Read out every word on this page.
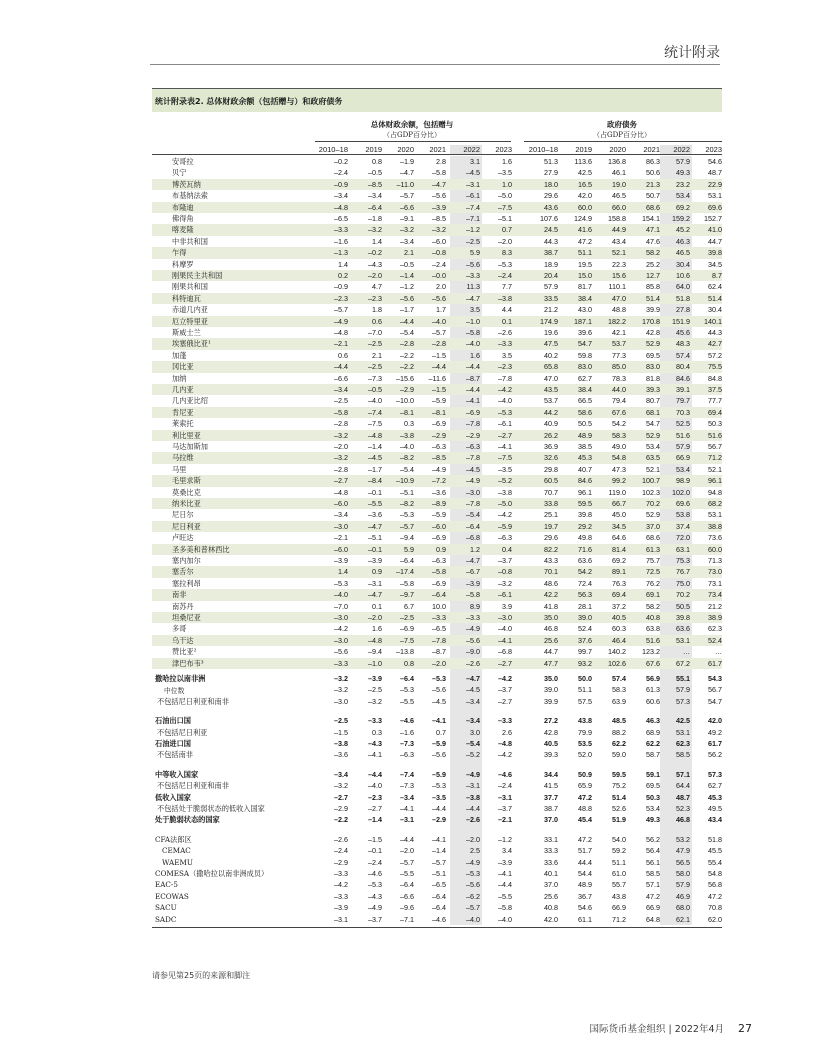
统计附录
统计附录表2. 总体财政余额（包括赠与）和政府债务
总体财政余额，包括赠与
（占GDP百分比）
政府债务
（占GDP百分比）
2010–18	2019	2020	2021	2022	2023	2010–18	2019	2020	2021	2022	2023
安哥拉	–0.2	0.8	–1.9	2.8	3.1	1.6	51.3	113.6	136.8	86.3	57.9	54.6
贝宁	–2.4	–0.5	–4.7	–5.8	–4.5	–3.5	27.9	42.5	46.1	50.6	49.3	48.7
博茨瓦纳	–0.9	–8.5	–11.0	–4.7	–3.1	1.0	18.0	16.5	19.0	21.3	23.2	22.9
布基纳法索	–3.4	–3.4	–5.7	–5.6	–6.1	–5.0	29.6	42.0	46.5	50.7	53.4	53.1
布隆迪	–4.8	–6.4	–6.6	–3.9	–7.4	–7.5	43.6	60.0	66.0	68.6	69.2	69.6
佛得角	–6.5	–1.8	–9.1	–8.5	–7.1	–5.1	107.6	124.9	158.8	154.1	159.2	152.7
喀麦隆	–3.3	–3.2	–3.2	–3.2	–1.2	0.7	24.5	41.6	44.9	47.1	45.2	41.0
中非共和国	–1.6	1.4	–3.4	–6.0	–2.5	–2.0	44.3	47.2	43.4	47.6	46.3	44.7
乍得	–1.3	–0.2	2.1	–0.8	5.9	8.3	38.7	51.1	52.1	58.2	46.5	39.8
科摩罗	1.4	–4.3	–0.5	–2.4	–5.6	–5.3	18.9	19.5	22.3	25.2	30.4	34.5
刚果民主共和国	0.2	–2.0	–1.4	–0.0	–3.3	–2.4	20.4	15.0	15.6	12.7	10.6	8.7
刚果共和国	–0.9	4.7	–1.2	2.0	11.3	7.7	57.9	81.7	110.1	85.8	64.0	62.4
科特迪瓦	–2.3	–2.3	–5.6	–5.6	–4.7	–3.8	33.5	38.4	47.0	51.4	51.8	51.4
赤道几内亚	–5.7	1.8	–1.7	1.7	3.5	4.4	21.2	43.0	48.8	39.9	27.8	30.4
厄立特里亚	–4.9	0.6	–4.4	–4.0	–1.0	0.1	174.9	187.1	182.2	170.8	151.9	140.1
斯威士兰	–4.8	–7.0	–5.4	–5.7	–5.8	–2.6	19.6	39.6	42.1	42.8	45.6	44.3
埃塞俄比亚¹	–2.1	–2.5	–2.8	–2.8	–4.0	–3.3	47.5	54.7	53.7	52.9	48.3	42.7
加蓬	0.6	2.1	–2.2	–1.5	1.6	3.5	40.2	59.8	77.3	69.5	57.4	57.2
冈比亚	–4.4	–2.5	–2.2	–4.4	–4.4	–2.3	65.8	83.0	85.0	83.0	80.4	75.5
加纳	–6.6	–7.3	–15.6	–11.6	–8.7	–7.8	47.0	62.7	78.3	81.8	84.6	84.8
几内亚	–3.4	–0.5	–2.9	–1.5	–4.4	–4.2	43.5	38.4	44.0	39.3	39.1	37.5
几内亚比绍	–2.5	–4.0	–10.0	–5.9	–4.1	–4.0	53.7	66.5	79.4	80.7	79.7	77.7
肯尼亚	–5.8	–7.4	–8.1	–8.1	–6.9	–5.3	44.2	58.6	67.6	68.1	70.3	69.4
莱索托	–2.8	–7.5	0.3	–6.9	–7.8	–6.1	40.9	50.5	54.2	54.7	52.5	50.3
利比里亚	–3.2	–4.8	–3.8	–2.9	–2.9	–2.7	26.2	48.9	58.3	52.9	51.6	51.6
马达加斯加	–2.0	–1.4	–4.0	–6.3	–6.3	–4.1	36.9	38.5	49.0	53.4	57.9	56.7
马拉维	–3.2	–4.5	–8.2	–8.5	–7.8	–7.5	32.6	45.3	54.8	63.5	66.9	71.2
马里	–2.8	–1.7	–5.4	–4.9	–4.5	–3.5	29.8	40.7	47.3	52.1	53.4	52.1
毛里求斯	–2.7	–8.4	–10.9	–7.2	–4.9	–5.2	60.5	84.6	99.2	100.7	98.9	96.1
莫桑比克	–4.8	–0.1	–5.1	–3.6	–3.0	–3.8	70.7	96.1	119.0	102.3	102.0	94.8
纳米比亚	–6.0	–5.5	–8.2	–8.9	–7.8	–5.0	33.8	59.5	66.7	70.2	69.6	68.2
尼日尔	–3.4	–3.6	–5.3	–5.9	–5.4	–4.2	25.1	39.8	45.0	52.9	53.8	53.1
尼日利亚	–3.0	–4.7	–5.7	–6.0	–6.4	–5.9	19.7	29.2	34.5	37.0	37.4	38.8
卢旺达	–2.1	–5.1	–9.4	–6.9	–6.8	–6.3	29.6	49.8	64.6	68.6	72.0	73.6
圣多美和普林西比	–6.0	–0.1	5.9	0.9	1.2	0.4	82.2	71.6	81.4	61.3	63.1	60.0
塞内加尔	–3.9	–3.9	–6.4	–6.3	–4.7	–3.7	43.3	63.6	69.2	75.7	75.3	71.3
塞舌尔	1.4	0.9	–17.4	–5.8	–6.7	–0.8	70.1	54.2	89.1	72.5	76.7	73.0
塞拉利昂	–5.3	–3.1	–5.8	–6.9	–3.9	–3.2	48.6	72.4	76.3	76.2	75.0	73.1
南非	–4.0	–4.7	–9.7	–6.4	–5.8	–6.1	42.2	56.3	69.4	69.1	70.2	73.4
南苏丹	–7.0	0.1	6.7	10.0	8.9	3.9	41.8	28.1	37.2	58.2	50.5	21.2
坦桑尼亚	–3.0	–2.0	–2.5	–3.3	–3.3	–3.0	35.0	39.0	40.5	40.8	39.8	38.9
多哥	–4.2	1.6	–6.9	–6.5	–4.9	–4.0	46.8	52.4	60.3	63.8	63.6	62.3
乌干达	–3.0	–4.8	–7.5	–7.8	–5.6	–4.1	25.6	37.6	46.4	51.6	53.1	52.4
赞比亚²	–5.6	–9.4	–13.8	–8.7	–9.0	–6.8	44.7	99.7	140.2	123.2	…	…
津巴布韦³	–3.3	–1.0	0.8	–2.0	–2.6	–2.7	47.7	93.2	102.6	67.6	67.2	61.7
撒哈拉以南非洲	–3.2	–3.9	–6.4	–5.3	–4.7	–4.2	35.0	50.0	57.4	56.9	55.1	54.3
中位数	–3.2	–2.5	–5.3	–5.6	–4.5	–3.7	39.0	51.1	58.3	61.3	57.9	56.7
不包括尼日利亚和南非	–3.0	–3.2	–5.5	–4.5	–3.4	–2.7	39.9	57.5	63.9	60.6	57.3	54.7
石油出口国	–2.5	–3.3	–4.6	–4.1	–3.4	–3.3	27.2	43.8	48.5	46.3	42.5	42.0
不包括尼日利亚	–1.5	0.3	–1.6	0.7	3.0	2.6	42.8	79.9	88.2	68.9	53.1	49.2
石油进口国	–3.8	–4.3	–7.3	–5.9	–5.4	–4.8	40.5	53.5	62.2	62.2	62.3	61.7
不包括南非	–3.6	–4.1	–6.3	–5.6	–5.2	–4.2	39.3	52.0	59.0	58.7	58.5	56.2
中等收入国家	–3.4	–4.4	–7.4	–5.9	–4.9	–4.6	34.4	50.9	59.5	59.1	57.1	57.3
不包括尼日利亚和南非	–3.2	–4.0	–7.3	–5.3	–3.1	–2.4	41.5	65.9	75.2	69.5	64.4	62.7
低收入国家	–2.7	–2.3	–3.4	–3.5	–3.8	–3.1	37.7	47.2	51.4	50.3	48.7	45.3
不包括处于脆弱状态的低收入国家	–2.9	–2.7	–4.1	–4.4	–4.4	–3.7	38.7	48.8	52.6	53.4	52.3	49.5
处于脆弱状态的国家	–2.2	–1.4	–3.1	–2.9	–2.6	–2.1	37.0	45.4	51.9	49.3	46.8	43.4
CFA法郎区	–2.6	–1.5	–4.4	–4.1	–2.0	–1.2	33.1	47.2	54.0	56.2	53.2	51.8
CEMAC	–2.4	–0.1	–2.0	–1.4	2.5	3.4	33.3	51.7	59.2	56.4	47.9	45.5
WAEMU	–2.9	–2.4	–5.7	–5.7	–4.9	–3.9	33.6	44.4	51.1	56.1	56.5	55.4
COMESA（撒哈拉以南非洲成员）	–3.3	–4.6	–5.5	–5.1	–5.3	–4.1	40.1	54.4	61.0	58.5	58.0	54.8
EAC-5	–4.2	–5.3	–6.4	–6.5	–5.6	–4.4	37.0	48.9	55.7	57.1	57.9	56.8
ECOWAS	–3.3	–4.3	–6.6	–6.4	–6.2	–5.5	25.6	36.7	43.8	47.2	46.9	47.2
SACU	–3.9	–4.9	–9.6	–6.4	–5.7	–5.8	40.8	54.6	66.9	66.9	68.0	70.8
SADC	–3.1	–3.7	–7.1	–4.6	–4.0	–4.0	42.0	61.1	71.2	64.8	62.1	62.0
请参见第25页的来源和脚注
国际货币基金组织 | 2022年4月 27
